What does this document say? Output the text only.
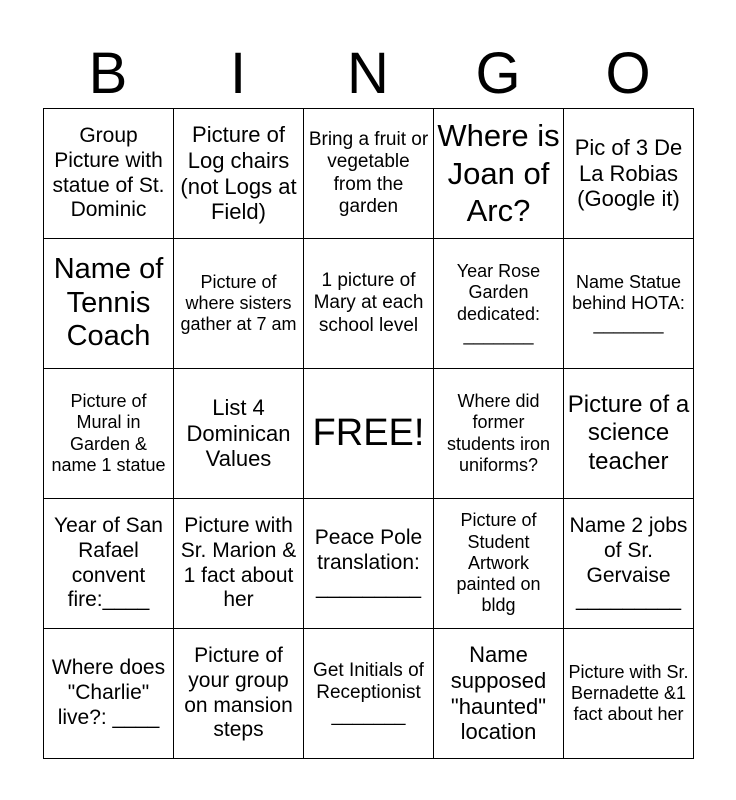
B	I	N	G	O
Group Picture with statue of St. Dominic	Picture of Log chairs (not Logs at Field)	Bring a fruit or vegetable from the garden	Where is Joan of Arc?	Pic of 3 De La Robias (Google it)
Name of Tennis Coach	Picture of where sisters gather at 7 am	1 picture of Mary at each school level	Year Rose Garden dedicated: _______	Name Statue behind HOTA: _______
Picture of Mural in Garden & name 1 statue	List 4 Dominican Values	FREE!	Where did former students iron uniforms?	Picture of a science teacher
Year of San Rafael convent fire:____	Picture with Sr. Marion & 1 fact about her	Peace Pole translation: _________	Picture of Student Artwork painted on bldg	Name 2 jobs of Sr. Gervaise _________
Where does "Charlie" live?: ____	Picture of your group on mansion steps	Get Initials of Receptionist _______	Name supposed "haunted" location	Picture with Sr. Bernadette &1 fact about her
